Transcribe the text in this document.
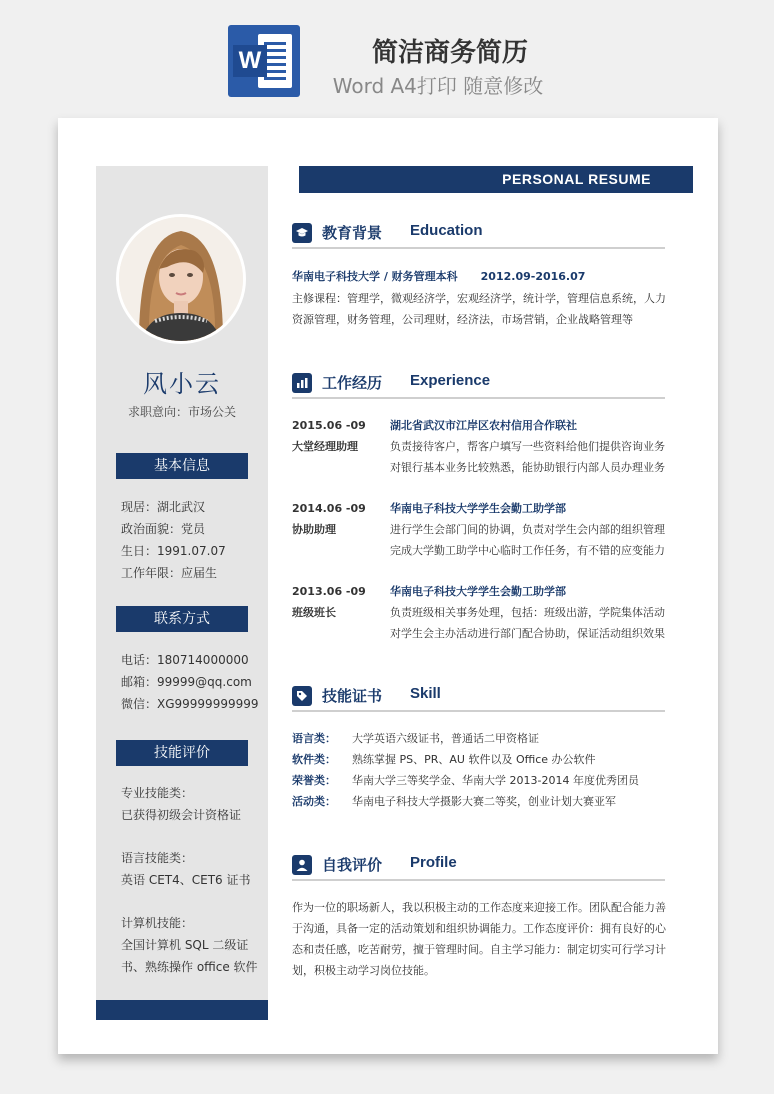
W	简洁商务简历
Word A4打印 随意修改
风小云
求职意向：市场公关
基本信息
现居：湖北武汉
政治面貌：党员
生日：1991.07.07
工作年限：应届生
联系方式
电话：180714000000
邮箱：99999@qq.com
微信：XG99999999999
技能评价
专业技能类：
已获得初级会计资格证
语言技能类：
英语 CET4、CET6 证书
计算机技能：
全国计算机 SQL 二级证
书、熟练操作 office 软件
PERSONAL RESUME
教育背景 Education
华南电子科技大学 / 财务管理本科      2012.09-2016.07
主修课程：管理学，微观经济学，宏观经济学，统计学，管理信息系统，人力
资源管理，财务管理，公司理财，经济法，市场营销，企业战略管理等
工作经历 Experience
2015.06 -09
大堂经理助理
湖北省武汉市江岸区农村信用合作联社
负责接待客户，帮客户填写一些资料给他们提供咨询业务
对银行基本业务比较熟悉，能协助银行内部人员办理业务
2014.06 -09
协助助理
华南电子科技大学学生会勤工助学部
进行学生会部门间的协调，负责对学生会内部的组织管理
完成大学勤工助学中心临时工作任务，有不错的应变能力
2013.06 -09
班级班长
华南电子科技大学学生会勤工助学部
负责班级相关事务处理，包括：班级出游，学院集体活动
对学生会主办活动进行部门配合协助，保证活动组织效果
技能证书 Skill
语言类： 大学英语六级证书，普通话二甲资格证
软件类： 熟练掌握 PS、PR、AU 软件以及 Office 办公软件
荣誉类： 华南大学三等奖学金、华南大学 2013-2014 年度优秀团员
活动类： 华南电子科技大学摄影大赛二等奖，创业计划大赛亚军
自我评价 Profile
作为一位的职场新人，我以积极主动的工作态度来迎接工作。团队配合能力善
于沟通，具备一定的活动策划和组织协调能力。工作态度评价：拥有良好的心
态和责任感，吃苦耐劳，擅于管理时间。自主学习能力：制定切实可行学习计
划，积极主动学习岗位技能。
